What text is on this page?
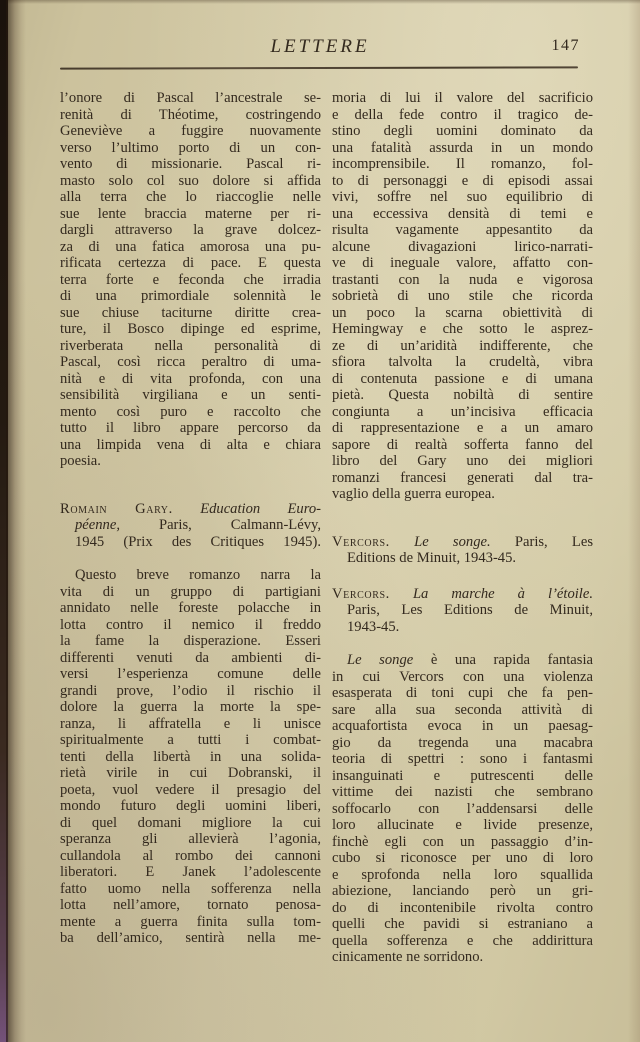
LETTERE	147
l’onore di Pascal l’ancestrale se-
renità di Théotime, costringendo
Geneviève a fuggire nuovamente
verso l’ultimo porto di un con-
vento di missionarie. Pascal ri-
masto solo col suo dolore si affida
alla terra che lo riaccoglie nelle
sue lente braccia materne per ri-
dargli attraverso la grave dolcez-
za di una fatica amorosa una pu-
rificata certezza di pace. E questa
terra forte e feconda che irradia
di una primordiale solennità le
sue chiuse taciturne diritte crea-
ture, il Bosco dipinge ed esprime,
riverberata nella personalità di
Pascal, così ricca peraltro di uma-
nità e di vita profonda, con una
sensibilità virgiliana e un senti-
mento così puro e raccolto che
tutto il libro appare percorso da
una limpida vena di alta e chiara
poesia.
Romain Gary. Education Euro-
péenne, Paris, Calmann-Lévy,
1945 (Prix des Critiques 1945).
Questo breve romanzo narra la
vita di un gruppo di partigiani
annidato nelle foreste polacche in
lotta contro il nemico il freddo
la fame la disperazione. Esseri
differenti venuti da ambienti di-
versi l’esperienza comune delle
grandi prove, l’odio il rischio il
dolore la guerra la morte la spe-
ranza, li affratella e li unisce
spiritualmente a tutti i combat-
tenti della libertà in una solida-
rietà virile in cui Dobranski, il
poeta, vuol vedere il presagio del
mondo futuro degli uomini liberi,
di quel domani migliore la cui
speranza gli allevierà l’agonia,
cullandola al rombo dei cannoni
liberatori. E Janek l’adolescente
fatto uomo nella sofferenza nella
lotta nell’amore, tornato penosa-
mente a guerra finita sulla tom-
ba dell’amico, sentirà nella me-
moria di lui il valore del sacrificio
e della fede contro il tragico de-
stino degli uomini dominato da
una fatalità assurda in un mondo
incomprensibile. Il romanzo, fol-
to di personaggi e di episodi assai
vivi, soffre nel suo equilibrio di
una eccessiva densità di temi e
risulta vagamente appesantito da
alcune divagazioni lirico-narrati-
ve di ineguale valore, affatto con-
trastanti con la nuda e vigorosa
sobrietà di uno stile che ricorda
un poco la scarna obiettività di
Hemingway e che sotto le asprez-
ze di un’aridità indifferente, che
sfiora talvolta la crudeltà, vibra
di contenuta passione e di umana
pietà. Questa nobiltà di sentire
congiunta a un’incisiva efficacia
di rappresentazione e a un amaro
sapore di realtà sofferta fanno del
libro del Gary uno dei migliori
romanzi francesi generati dal tra-
vaglio della guerra europea.
Vercors. Le songe. Paris, Les
Editions de Minuit, 1943-45.
Vercors. La marche à l’étoile.
Paris, Les Editions de Minuit,
1943-45.
Le songe è una rapida fantasia
in cui Vercors con una violenza
esasperata di toni cupi che fa pen-
sare alla sua seconda attività di
acquafortista evoca in un paesag-
gio da tregenda una macabra
teoria di spettri : sono i fantasmi
insanguinati e putrescenti delle
vittime dei nazisti che sembrano
soffocarlo con l’addensarsi delle
loro allucinate e livide presenze,
finchè egli con un passaggio d’in-
cubo si riconosce per uno di loro
e sprofonda nella loro squallida
abiezione, lanciando però un gri-
do di incontenibile rivolta contro
quelli che pavidi si estraniano a
quella sofferenza e che addirittura
cinicamente ne sorridono.
